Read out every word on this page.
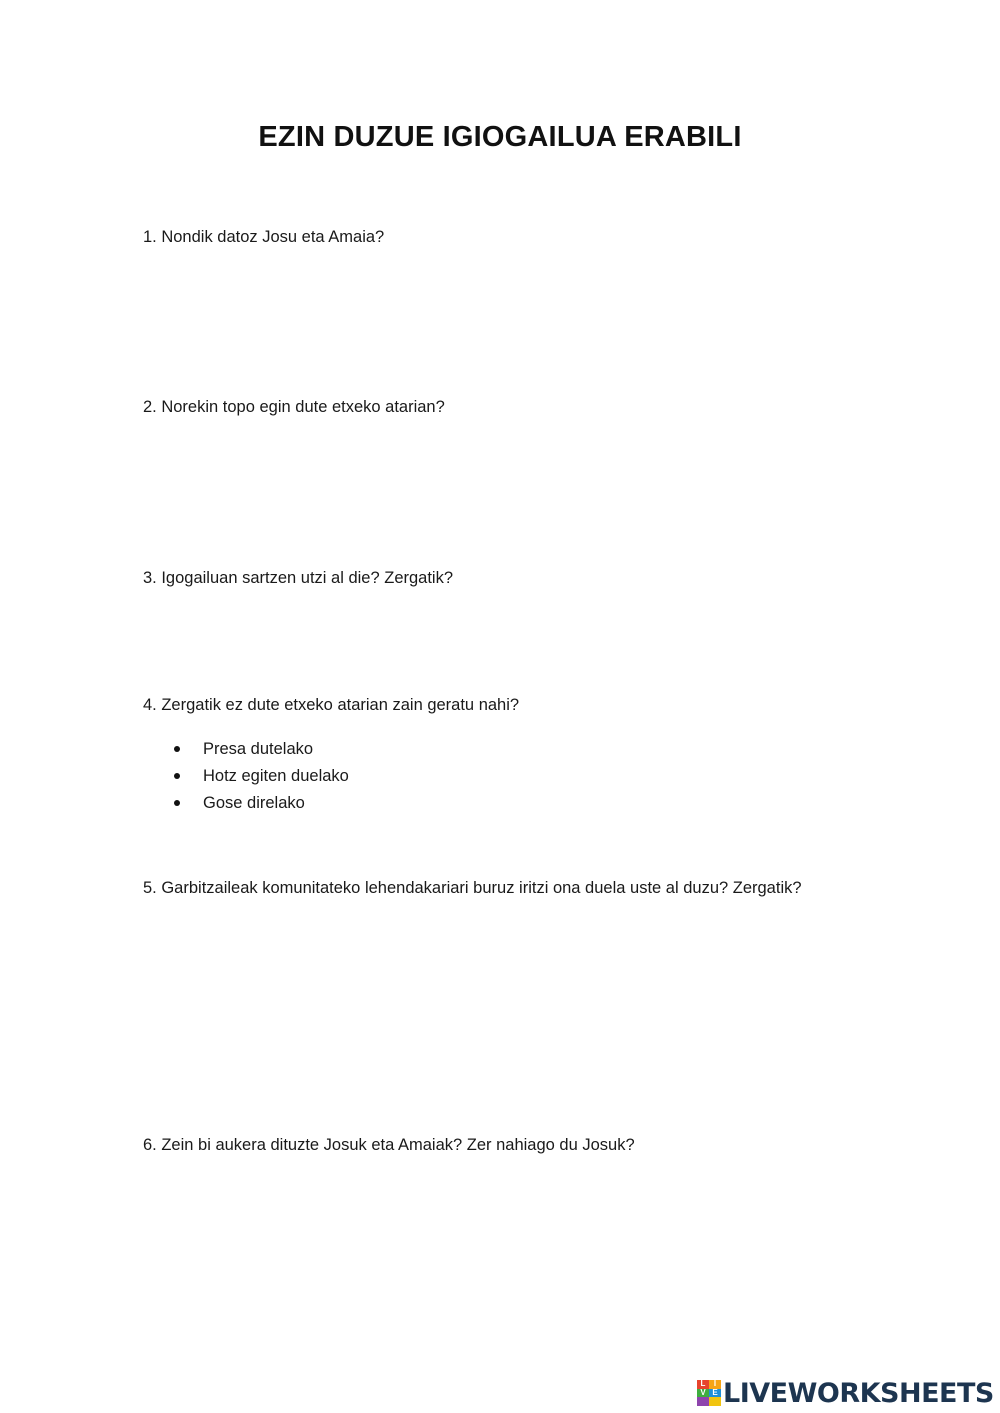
EZIN DUZUE IGIOGAILUA ERABILI

1. Nondik datoz Josu eta Amaia?

2. Norekin topo egin dute etxeko atarian?

3. Igogailuan sartzen utzi al die? Zergatik?

4. Zergatik ez dute etxeko atarian zain geratu nahi?

Presa dutelako
Hotz egiten duelako
Gose direlako

5. Garbitzaileak komunitateko lehendakariari buruz iritzi ona duela uste al duzu? Zergatik?

6. Zein bi aukera dituzte Josuk eta Amaiak? Zer nahiago du Josuk?

L	I
V E LIVEWORKSHEETS
